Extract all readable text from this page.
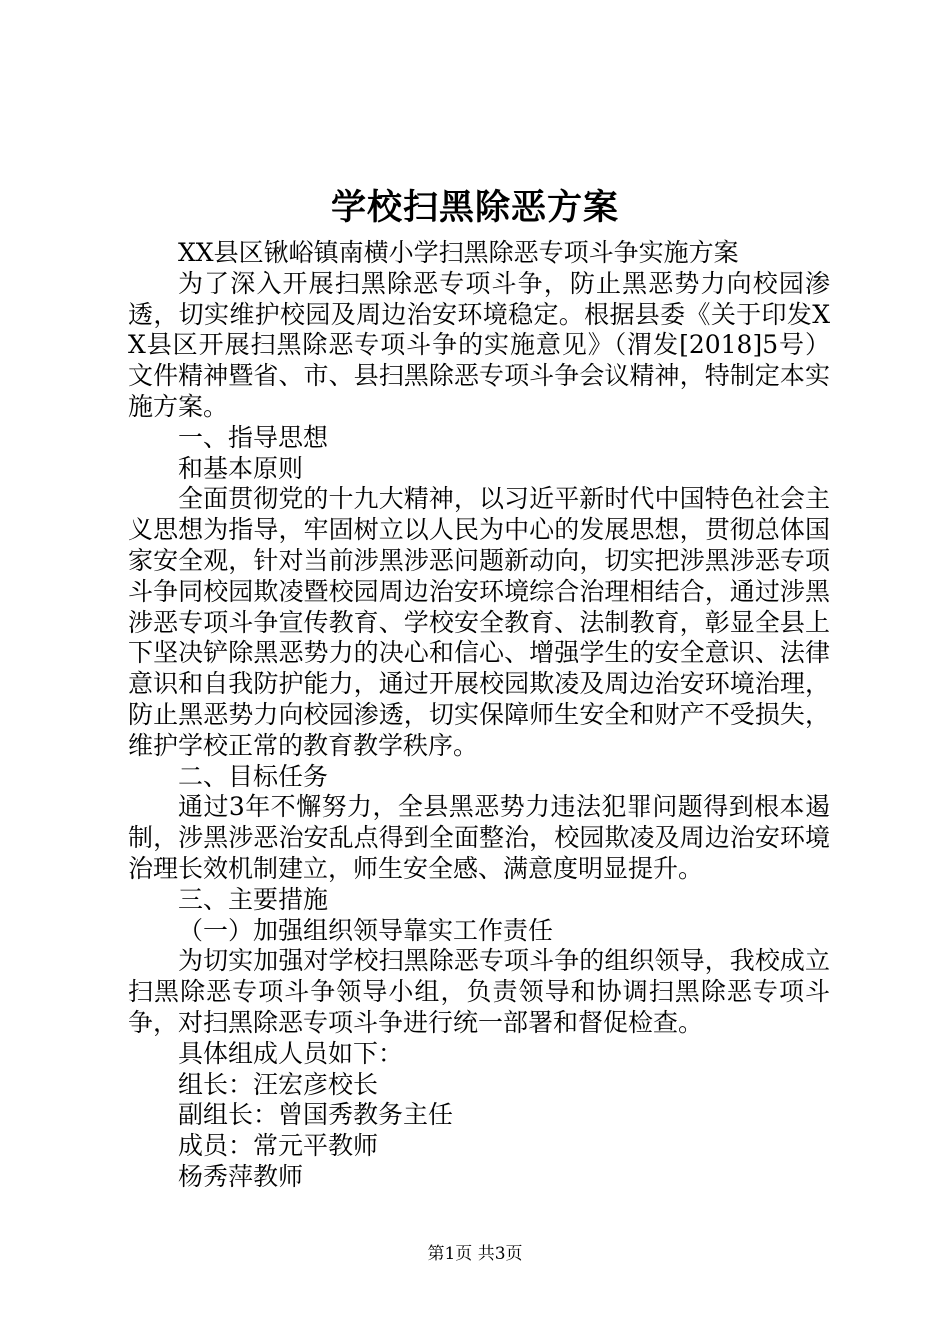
学校扫黑除恶方案

XX县区锹峪镇南横小学扫黑除恶专项斗争实施方案

为了深入开展扫黑除恶专项斗争，防止黑恶势力向校园渗透，切实维护校园及周边治安环境稳定。根据县委《关于印发XX县区开展扫黑除恶专项斗争的实施意见》（渭发[2018]5号）文件精神暨省、市、县扫黑除恶专项斗争会议精神，特制定本实施方案。

一、指导思想

和基本原则

全面贯彻党的十九大精神，以习近平新时代中国特色社会主义思想为指导，牢固树立以人民为中心的发展思想，贯彻总体国家安全观，针对当前涉黑涉恶问题新动向，切实把涉黑涉恶专项斗争同校园欺凌暨校园周边治安环境综合治理相结合，通过涉黑涉恶专项斗争宣传教育、学校安全教育、法制教育，彰显全县上下坚决铲除黑恶势力的决心和信心、增强学生的安全意识、法律意识和自我防护能力，通过开展校园欺凌及周边治安环境治理，防止黑恶势力向校园渗透，切实保障师生安全和财产不受损失，维护学校正常的教育教学秩序。

二、目标任务

通过3年不懈努力，全县黑恶势力违法犯罪问题得到根本遏制，涉黑涉恶治安乱点得到全面整治，校园欺凌及周边治安环境治理长效机制建立，师生安全感、满意度明显提升。

三、主要措施

（一）加强组织领导靠实工作责任

为切实加强对学校扫黑除恶专项斗争的组织领导，我校成立扫黑除恶专项斗争领导小组，负责领导和协调扫黑除恶专项斗争，对扫黑除恶专项斗争进行统一部署和督促检查。

具体组成人员如下：

组长：汪宏彦校长

副组长：曾国秀教务主任

成员：常元平教师

杨秀萍教师

第1页 共3页
